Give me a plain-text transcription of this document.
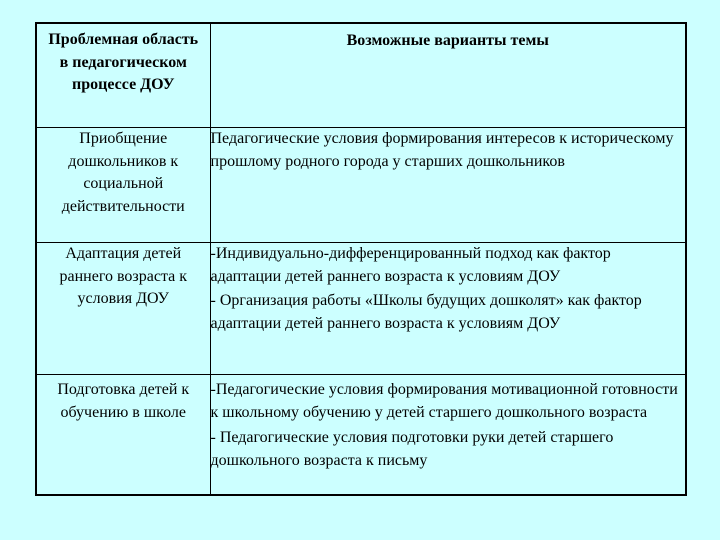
Проблемная область в педагогическом процессе ДОУ	Возможные варианты темы
Приобщение дошкольников к социальной действительности	Педагогические условия формирования интересов к историческому прошлому родного города у старших дошкольников

Адаптация детей раннего возраста к условия ДОУ	-Индивидуально-дифференцированный подход как фактор адаптации детей раннего возраста к условиям ДОУ
- Организация работы «Школы будущих дошколят» как фактор адаптации детей раннего возраста к условиям ДОУ

Подготовка детей к обучению в школе	-Педагогические условия формирования мотивационной готовности к школьному обучению у детей старшего дошкольного возраста
- Педагогические условия подготовки руки детей старшего дошкольного возраста к письму
